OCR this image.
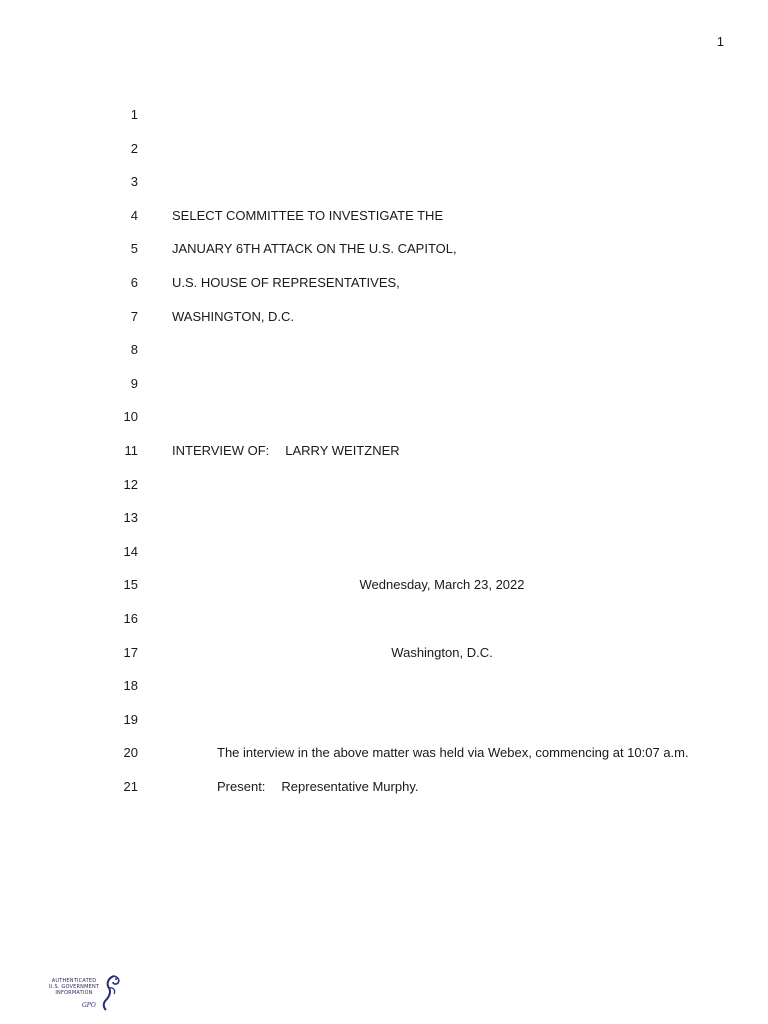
1
1
2
3
4	SELECT COMMITTEE TO INVESTIGATE THE
5	JANUARY 6TH ATTACK ON THE U.S. CAPITOL,
6	U.S. HOUSE OF REPRESENTATIVES,
7	WASHINGTON, D.C.
8
9
10
11	INTERVIEW OF: LARRY WEITZNER
12
13
14
15	Wednesday, March 23, 2022
16
17	Washington, D.C.
18
19
20	The interview in the above matter was held via Webex, commencing at 10:07 a.m.
21	Present: Representative Murphy.
AUTHENTICATED
U.S. GOVERNMENT
INFORMATION
GPO
